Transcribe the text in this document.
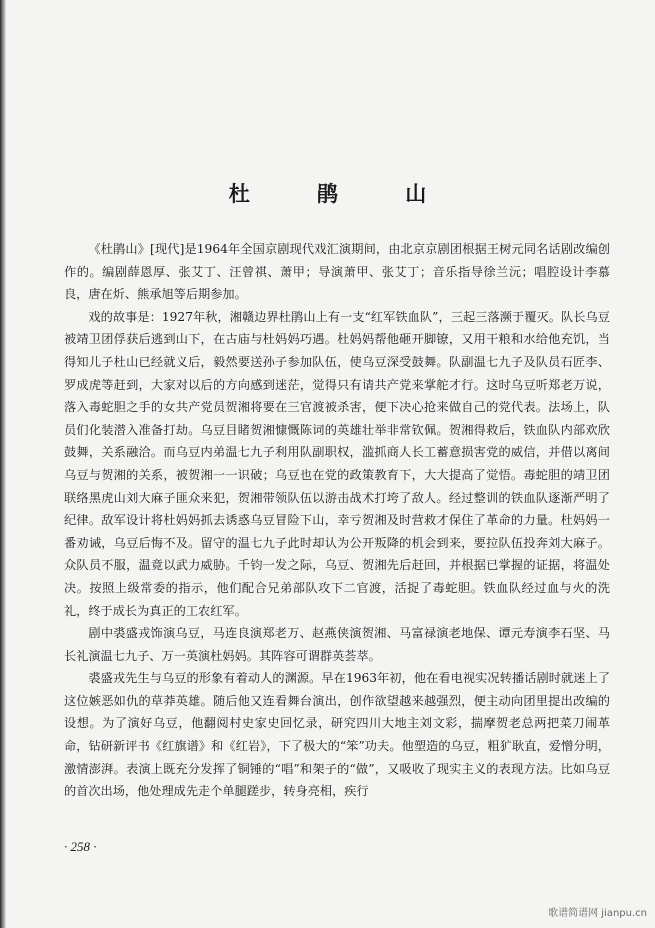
杜 鹃 山

《杜鹃山》[现代]是1964年全国京剧现代戏汇演期间，由北京京剧团根据王树元同名话剧改编创作的。编剧薛恩厚、张艾丁、汪曾祺、萧甲；导演萧甲、张艾丁；音乐指导徐兰沅；唱腔设计李慕良，唐在炘、熊承旭等后期参加。

戏的故事是：1927年秋，湘赣边界杜鹃山上有一支“红军铁血队”，三起三落濒于覆灭。队长乌豆被靖卫团俘获后逃到山下，在古庙与杜妈妈巧遇。杜妈妈帮他砸开脚镣，又用干粮和水给他充饥，当得知儿子杜山已经就义后，毅然要送孙子参加队伍，使乌豆深受鼓舞。队副温七九子及队员石匠李、罗成虎等赶到，大家对以后的方向感到迷茫，觉得只有请共产党来掌舵才行。这时乌豆听郑老万说，落入毒蛇胆之手的女共产党员贺湘将要在三官渡被杀害，便下决心抢来做自己的党代表。法场上，队员们化装潜入准备打劫。乌豆目睹贺湘慷慨陈词的英雄壮举非常钦佩。贺湘得救后，铁血队内部欢欣鼓舞，关系融洽。而乌豆内弟温七九子利用队副职权，滥抓商人长工蓄意损害党的威信，并借以离间乌豆与贺湘的关系，被贺湘一一识破；乌豆也在党的政策教育下，大大提高了觉悟。毒蛇胆的靖卫团联络黑虎山刘大麻子匪众来犯，贺湘带领队伍以游击战术打垮了敌人。经过整训的铁血队逐渐严明了纪律。敌军设计将杜妈妈抓去诱惑乌豆冒险下山，幸亏贺湘及时营救才保住了革命的力量。杜妈妈一番劝诫，乌豆后悔不及。留守的温七九子此时却认为公开叛降的机会到来，要拉队伍投奔刘大麻子。众队员不服，温竟以武力威胁。千钧一发之际，乌豆、贺湘先后赶回，并根据已掌握的证据，将温处决。按照上级常委的指示，他们配合兄弟部队攻下二官渡，活捉了毒蛇胆。铁血队经过血与火的洗礼，终于成长为真正的工农红军。

剧中裘盛戎饰演乌豆，马连良演郑老万、赵燕侠演贺湘、马富禄演老地保、谭元寿演李石坚、马长礼演温七九子、万一英演杜妈妈。其阵容可谓群英荟萃。

裘盛戎先生与乌豆的形象有着动人的渊源。早在1963年初，他在看电视实况转播话剧时就迷上了这位嫉恶如仇的草莽英雄。随后他又连看舞台演出，创作欲望越来越强烈，便主动向团里提出改编的设想。为了演好乌豆，他翻阅村史家史回忆录，研究四川大地主刘文彩，揣摩贺老总两把菜刀闹革命，钻研新评书《红旗谱》和《红岩》，下了极大的“笨”功夫。他塑造的乌豆，粗犷耿直，爱憎分明，激情澎湃。表演上既充分发挥了铜锤的“唱”和架子的“做”，又吸收了现实主义的表现方法。比如乌豆的首次出场，他处理成先走个单腿蹉步，转身亮相，疾行

· 258 ·
歌谱简谱网 jianpu.cn
